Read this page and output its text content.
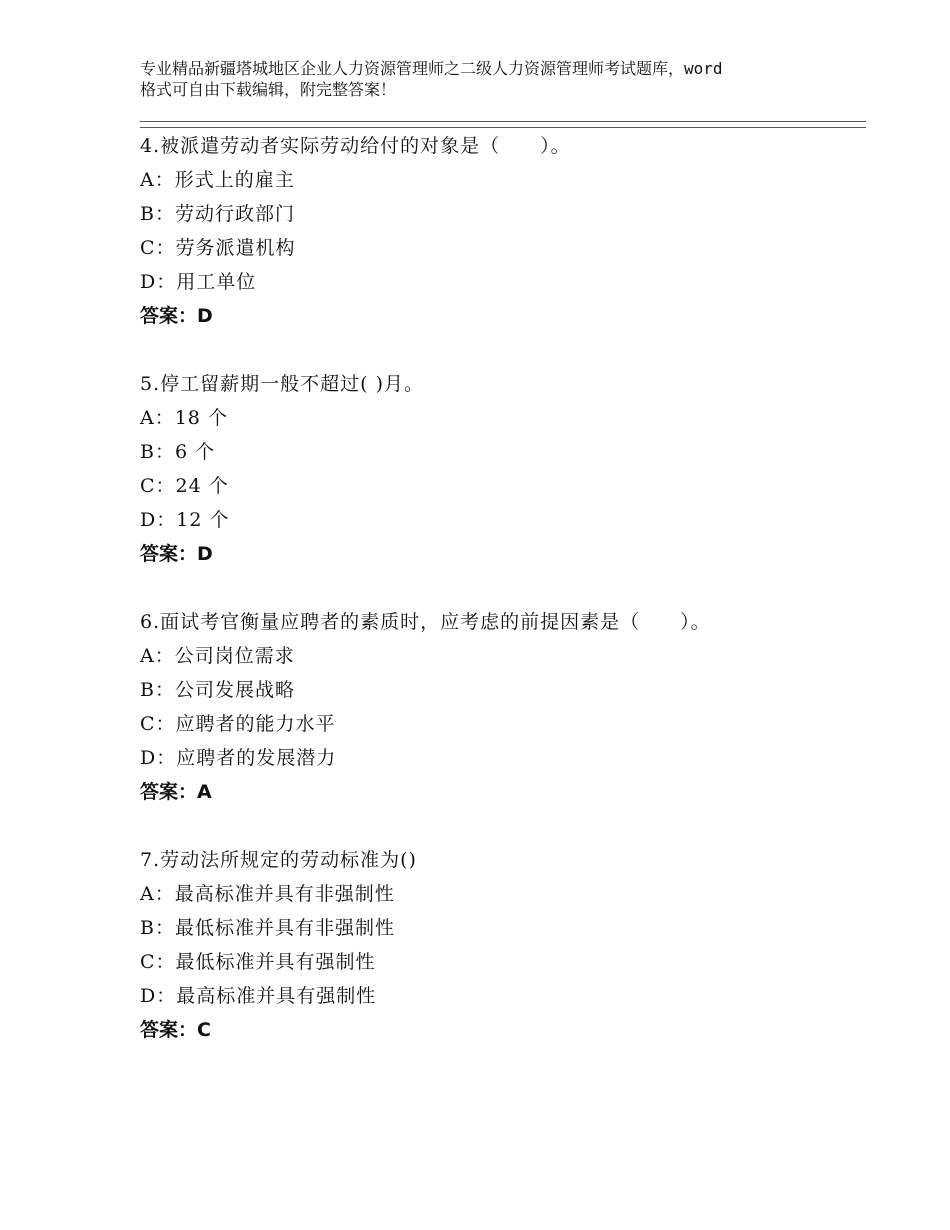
专业精品新疆塔城地区企业人力资源管理师之二级人力资源管理师考试题库，word
格式可自由下载编辑，附完整答案！
4.被派遣劳动者实际劳动给付的对象是（　　）。
A：形式上的雇主
B：劳动行政部门
C：劳务派遣机构
D：用工单位
答案：D
5.停工留薪期一般不超过( )月。
A：18 个
B：6 个
C：24 个
D：12 个
答案：D
6.面试考官衡量应聘者的素质时，应考虑的前提因素是（　　）。
A：公司岗位需求
B：公司发展战略
C：应聘者的能力水平
D：应聘者的发展潜力
答案：A
7.劳动法所规定的劳动标准为()
A：最高标准并具有非强制性
B：最低标准并具有非强制性
C：最低标准并具有强制性
D：最高标准并具有强制性
答案：C
